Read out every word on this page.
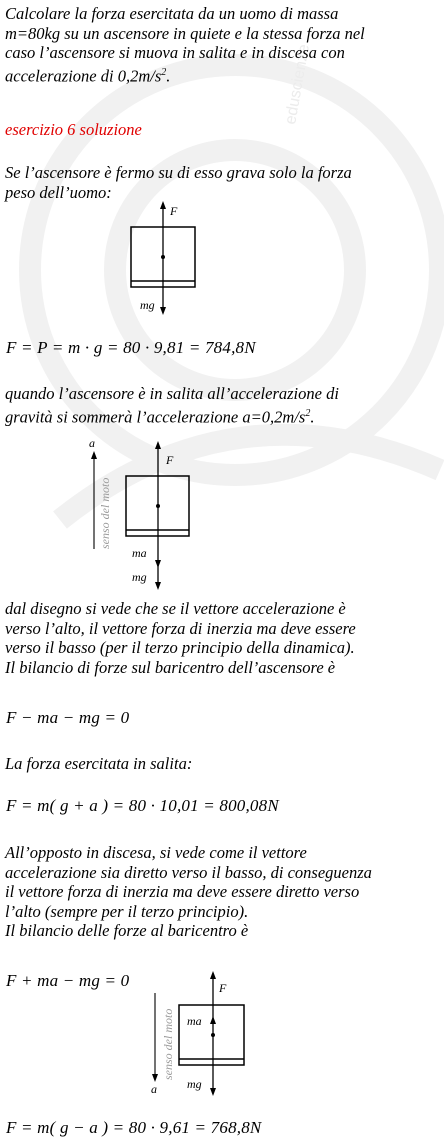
eduscienze
Calcolare la forza esercitata da un uomo di massa
m=80kg su un ascensore in quiete e la stessa forza nel
caso l’ascensore si muova in salita e in discesa con
accelerazione di $0,2m/s^2$.
esercizio 6 soluzione
Se l’ascensore è fermo su di esso grava solo la forza
peso dell’uomo:
F
mg
F = P = m · g = 80 · 9,81 = 784,8N
quando l’ascensore è in salita all’accelerazione di
gravità si sommerà l’accelerazione $a=0,2m/s^2$.
a
senso del moto
F
ma
mg
dal disegno si vede che se il vettore accelerazione è
verso l’alto, il vettore forza di inerzia ma deve essere
verso il basso (per il terzo principio della dinamica).
Il bilancio di forze sul baricentro dell’ascensore è
F − ma − mg = 0
La forza esercitata in salita:
F = m( g + a ) = 80 · 10,01 = 800,08N
All’opposto in discesa, si vede come il vettore
accelerazione sia diretto verso il basso, di conseguenza
il vettore forza di inerzia ma deve essere diretto verso
l’alto (sempre per il terzo principio).
Il bilancio delle forze al baricentro è
F + ma − mg = 0
a
senso del moto
F
ma
mg
F = m( g − a ) = 80 · 9,61 = 768,8N
